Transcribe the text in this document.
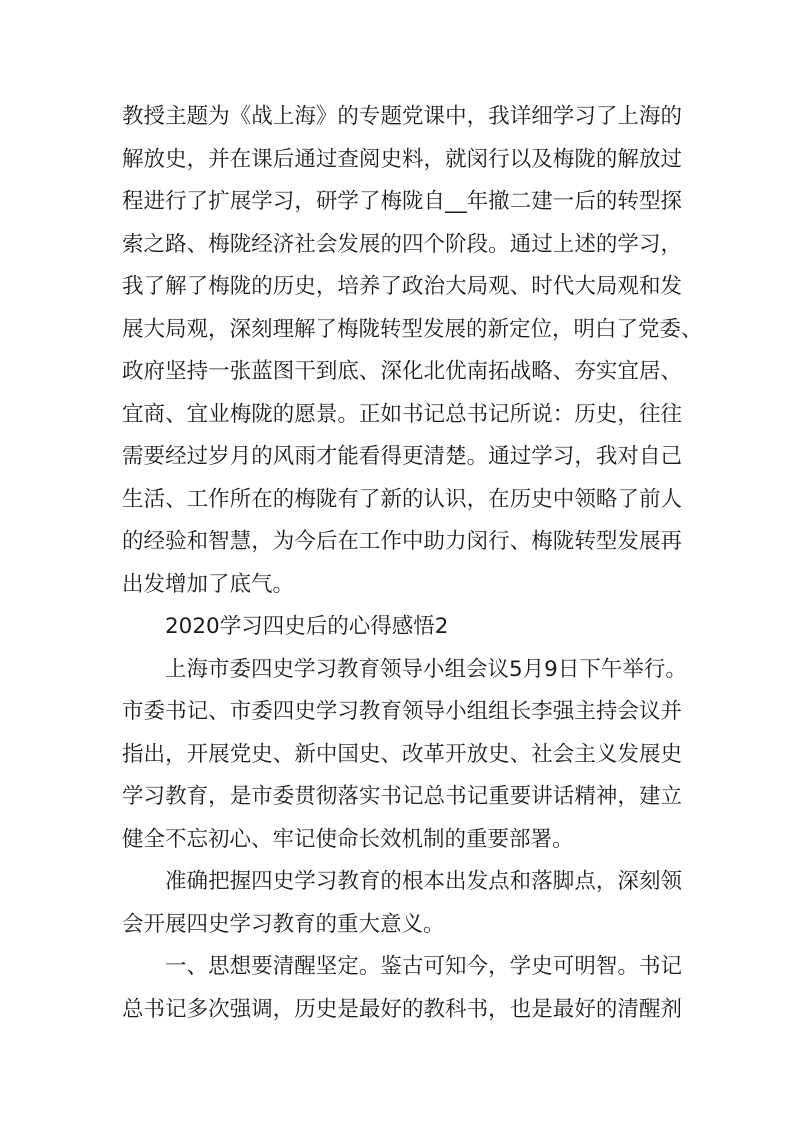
教授主题为《战上海》的专题党课中，我详细学习了上海的
解放史，并在课后通过查阅史料，就闵行以及梅陇的解放过
程进行了扩展学习，研学了梅陇自__年撤二建一后的转型探
索之路、梅陇经济社会发展的四个阶段。通过上述的学习，
我了解了梅陇的历史，培养了政治大局观、时代大局观和发
展大局观，深刻理解了梅陇转型发展的新定位，明白了党委、
政府坚持一张蓝图干到底、深化北优南拓战略、夯实宜居、
宜商、宜业梅陇的愿景。正如书记总书记所说：历史，往往
需要经过岁月的风雨才能看得更清楚。通过学习，我对自己
生活、工作所在的梅陇有了新的认识，在历史中领略了前人
的经验和智慧，为今后在工作中助力闵行、梅陇转型发展再
出发增加了底气。
2020学习四史后的心得感悟2
上海市委四史学习教育领导小组会议5月9日下午举行。
市委书记、市委四史学习教育领导小组组长李强主持会议并
指出，开展党史、新中国史、改革开放史、社会主义发展史
学习教育，是市委贯彻落实书记总书记重要讲话精神，建立
健全不忘初心、牢记使命长效机制的重要部署。
准确把握四史学习教育的根本出发点和落脚点，深刻领
会开展四史学习教育的重大意义。
一、思想要清醒坚定。鉴古可知今，学史可明智。书记
总书记多次强调，历史是最好的教科书，也是最好的清醒剂
